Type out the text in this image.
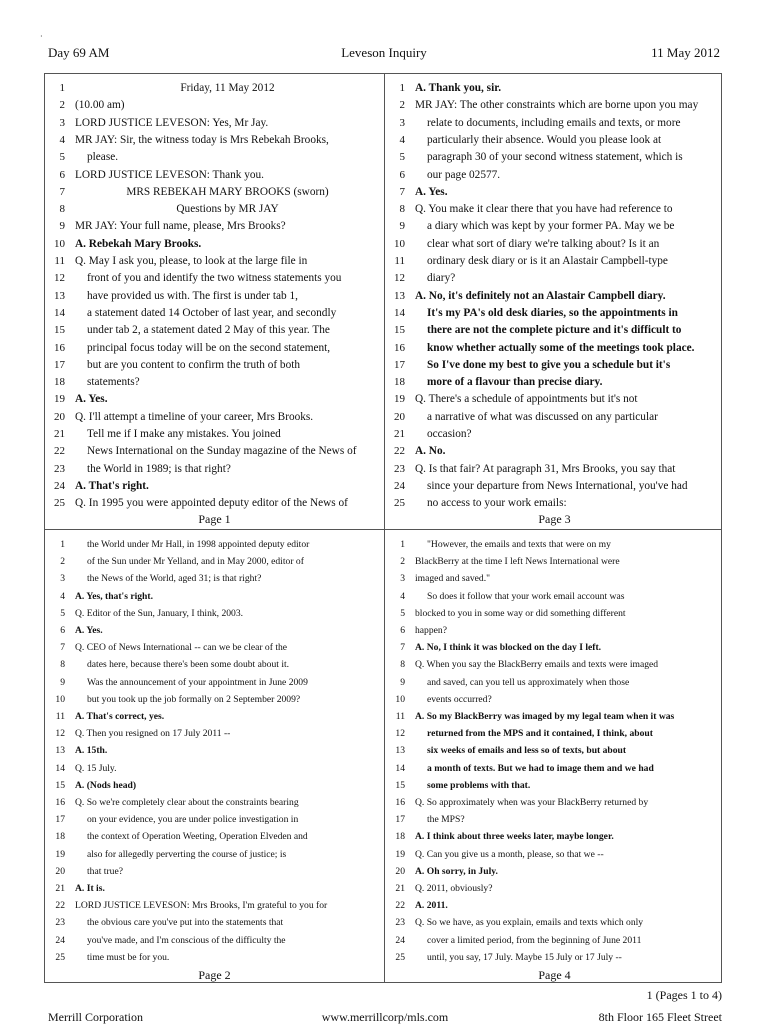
·
Day 69 AM	Leveson Inquiry	11 May 2012
1	Friday, 11 May 2012
2 (10.00 am)
3 LORD JUSTICE LEVESON: Yes, Mr Jay.
4 MR JAY: Sir, the witness today is Mrs Rebekah Brooks,
5	please.
6 LORD JUSTICE LEVESON: Thank you.
7	MRS REBEKAH MARY BROOKS (sworn)
8	Questions by MR JAY
9 MR JAY: Your full name, please, Mrs Brooks?
10 A. Rebekah Mary Brooks.
11 Q. May I ask you, please, to look at the large file in
12	front of you and identify the two witness statements you
13	have provided us with. The first is under tab 1,
14	a statement dated 14 October of last year, and secondly
15	under tab 2, a statement dated 2 May of this year. The
16	principal focus today will be on the second statement,
17	but are you content to confirm the truth of both
18	statements?
19 A. Yes.
20 Q. I'll attempt a timeline of your career, Mrs Brooks.
21	Tell me if I make any mistakes. You joined
22	News International on the Sunday magazine of the News of
23	the World in 1989; is that right?
24 A. That's right.
25 Q. In 1995 you were appointed deputy editor of the News of
Page 1
1 A. Thank you, sir.
2 MR JAY: The other constraints which are borne upon you may
3	relate to documents, including emails and texts, or more
4	particularly their absence. Would you please look at
5	paragraph 30 of your second witness statement, which is
6	our page 02577.
7 A. Yes.
8 Q. You make it clear there that you have had reference to
9	a diary which was kept by your former PA. May we be
10	clear what sort of diary we're talking about? Is it an
11	ordinary desk diary or is it an Alastair Campbell-type
12	diary?
13 A. No, it's definitely not an Alastair Campbell diary.
14	It's my PA's old desk diaries, so the appointments in
15	there are not the complete picture and it's difficult to
16	know whether actually some of the meetings took place.
17	So I've done my best to give you a schedule but it's
18	more of a flavour than precise diary.
19 Q. There's a schedule of appointments but it's not
20	a narrative of what was discussed on any particular
21	occasion?
22 A. No.
23 Q. Is that fair? At paragraph 31, Mrs Brooks, you say that
24	since your departure from News International, you've had
25	no access to your work emails:
Page 3
1	the World under Mr Hall, in 1998 appointed deputy editor
2	of the Sun under Mr Yelland, and in May 2000, editor of
3	the News of the World, aged 31; is that right?
4 A. Yes, that's right.
5 Q. Editor of the Sun, January, I think, 2003.
6 A. Yes.
7 Q. CEO of News International -- can we be clear of the
8	dates here, because there's been some doubt about it.
9	Was the announcement of your appointment in June 2009
10	but you took up the job formally on 2 September 2009?
11 A. That's correct, yes.
12 Q. Then you resigned on 17 July 2011 --
13 A. 15th.
14 Q. 15 July.
15 A. (Nods head)
16 Q. So we're completely clear about the constraints bearing
17	on your evidence, you are under police investigation in
18	the context of Operation Weeting, Operation Elveden and
19	also for allegedly perverting the course of justice; is
20	that true?
21 A. It is.
22 LORD JUSTICE LEVESON: Mrs Brooks, I'm grateful to you for
23	the obvious care you've put into the statements that
24	you've made, and I'm conscious of the difficulty the
25	time must be for you.
Page 2
1	"However, the emails and texts that were on my
2 BlackBerry at the time I left News International were
3 imaged and saved."
4	So does it follow that your work email account was
5 blocked to you in some way or did something different
6 happen?
7 A. No, I think it was blocked on the day I left.
8 Q. When you say the BlackBerry emails and texts were imaged
9	and saved, can you tell us approximately when those
10	events occurred?
11 A. So my BlackBerry was imaged by my legal team when it was
12	returned from the MPS and it contained, I think, about
13	six weeks of emails and less so of texts, but about
14	a month of texts. But we had to image them and we had
15	some problems with that.
16 Q. So approximately when was your BlackBerry returned by
17	the MPS?
18 A. I think about three weeks later, maybe longer.
19 Q. Can you give us a month, please, so that we --
20 A. Oh sorry, in July.
21 Q. 2011, obviously?
22 A. 2011.
23 Q. So we have, as you explain, emails and texts which only
24	cover a limited period, from the beginning of June 2011
25	until, you say, 17 July. Maybe 15 July or 17 July --
Page 4
1 (Pages 1 to 4)
Merrill Corporation	www.merrillcorp/mls.com	8th Floor 165 Fleet Street
